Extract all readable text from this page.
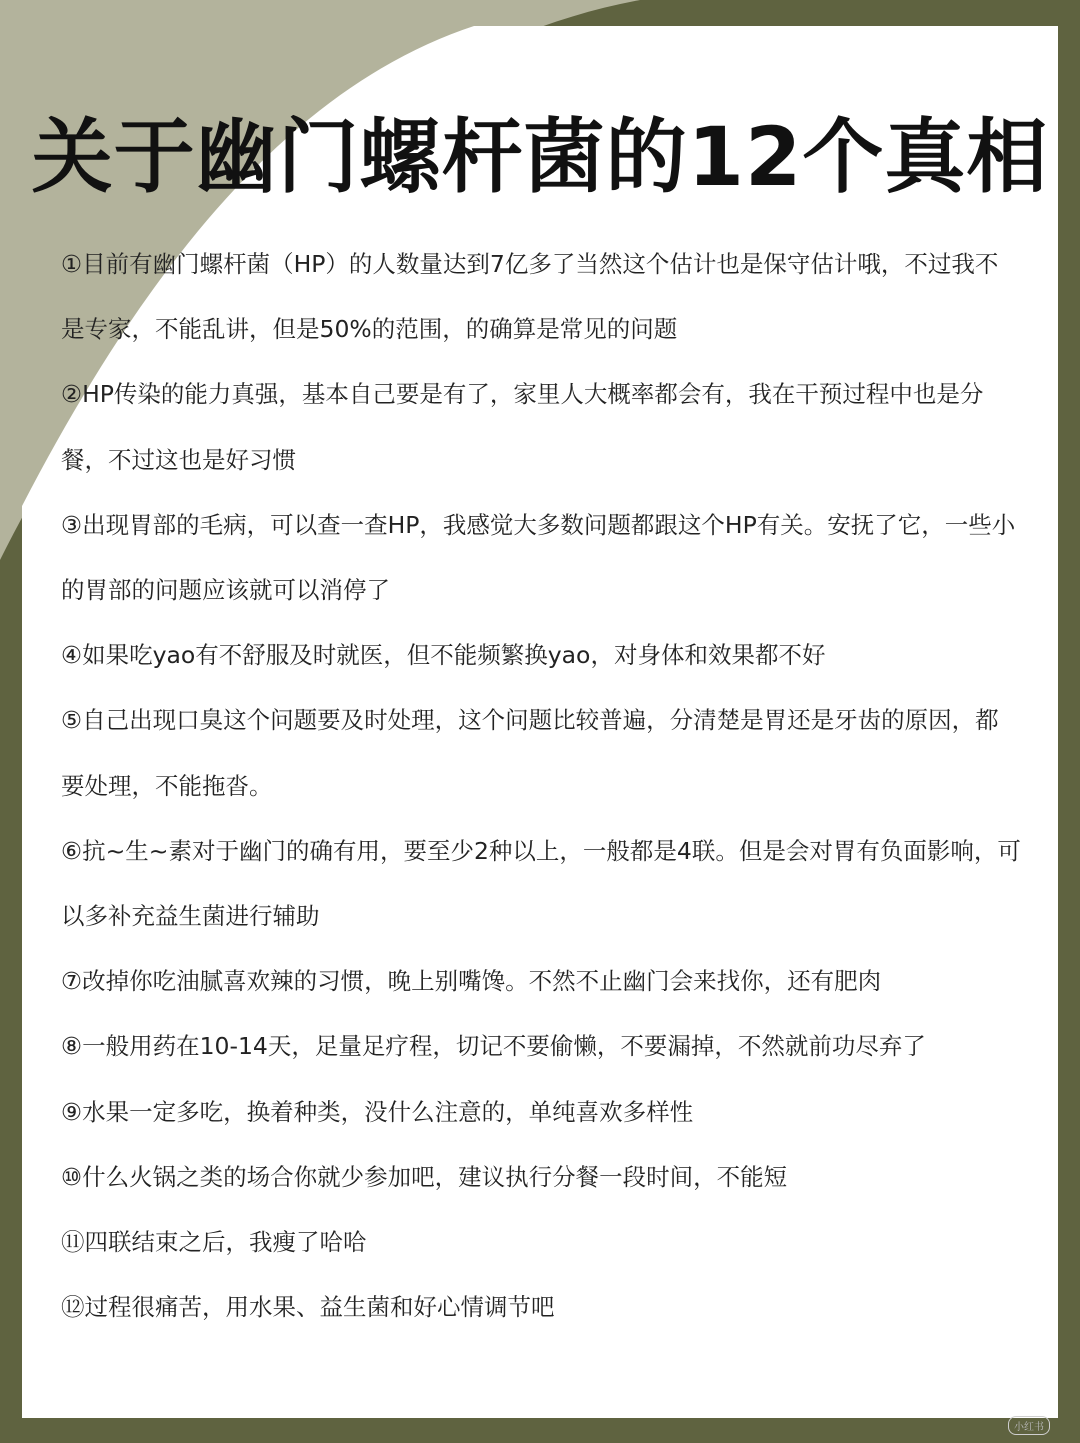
关于幽门螺杆菌的12个真相
①目前有幽门螺杆菌（HP）的人数量达到7亿多了当然这个估计也是保守估计哦，不过我不是专家，不能乱讲，但是50%的范围，的确算是常见的问题
②HP传染的能力真强，基本自己要是有了，家里人大概率都会有，我在干预过程中也是分餐，不过这也是好习惯
③出现胃部的毛病，可以查一查HP，我感觉大多数问题都跟这个HP有关。安抚了它，一些小的胃部的问题应该就可以消停了
④如果吃yao有不舒服及时就医，但不能频繁换yao，对身体和效果都不好
⑤自己出现口臭这个问题要及时处理，这个问题比较普遍，分清楚是胃还是牙齿的原因，都要处理，不能拖沓。
⑥抗~生~素对于幽门的确有用，要至少2种以上，一般都是4联。但是会对胃有负面影响，可以多补充益生菌进行辅助
⑦改掉你吃油腻喜欢辣的习惯，晚上别嘴馋。不然不止幽门会来找你，还有肥肉
⑧一般用药在10-14天，足量足疗程，切记不要偷懒，不要漏掉，不然就前功尽弃了
⑨水果一定多吃，换着种类，没什么注意的，单纯喜欢多样性
⑩什么火锅之类的场合你就少参加吧，建议执行分餐一段时间，不能短
⑪四联结束之后，我瘦了哈哈
⑫过程很痛苦，用水果、益生菌和好心情调节吧
小红书
